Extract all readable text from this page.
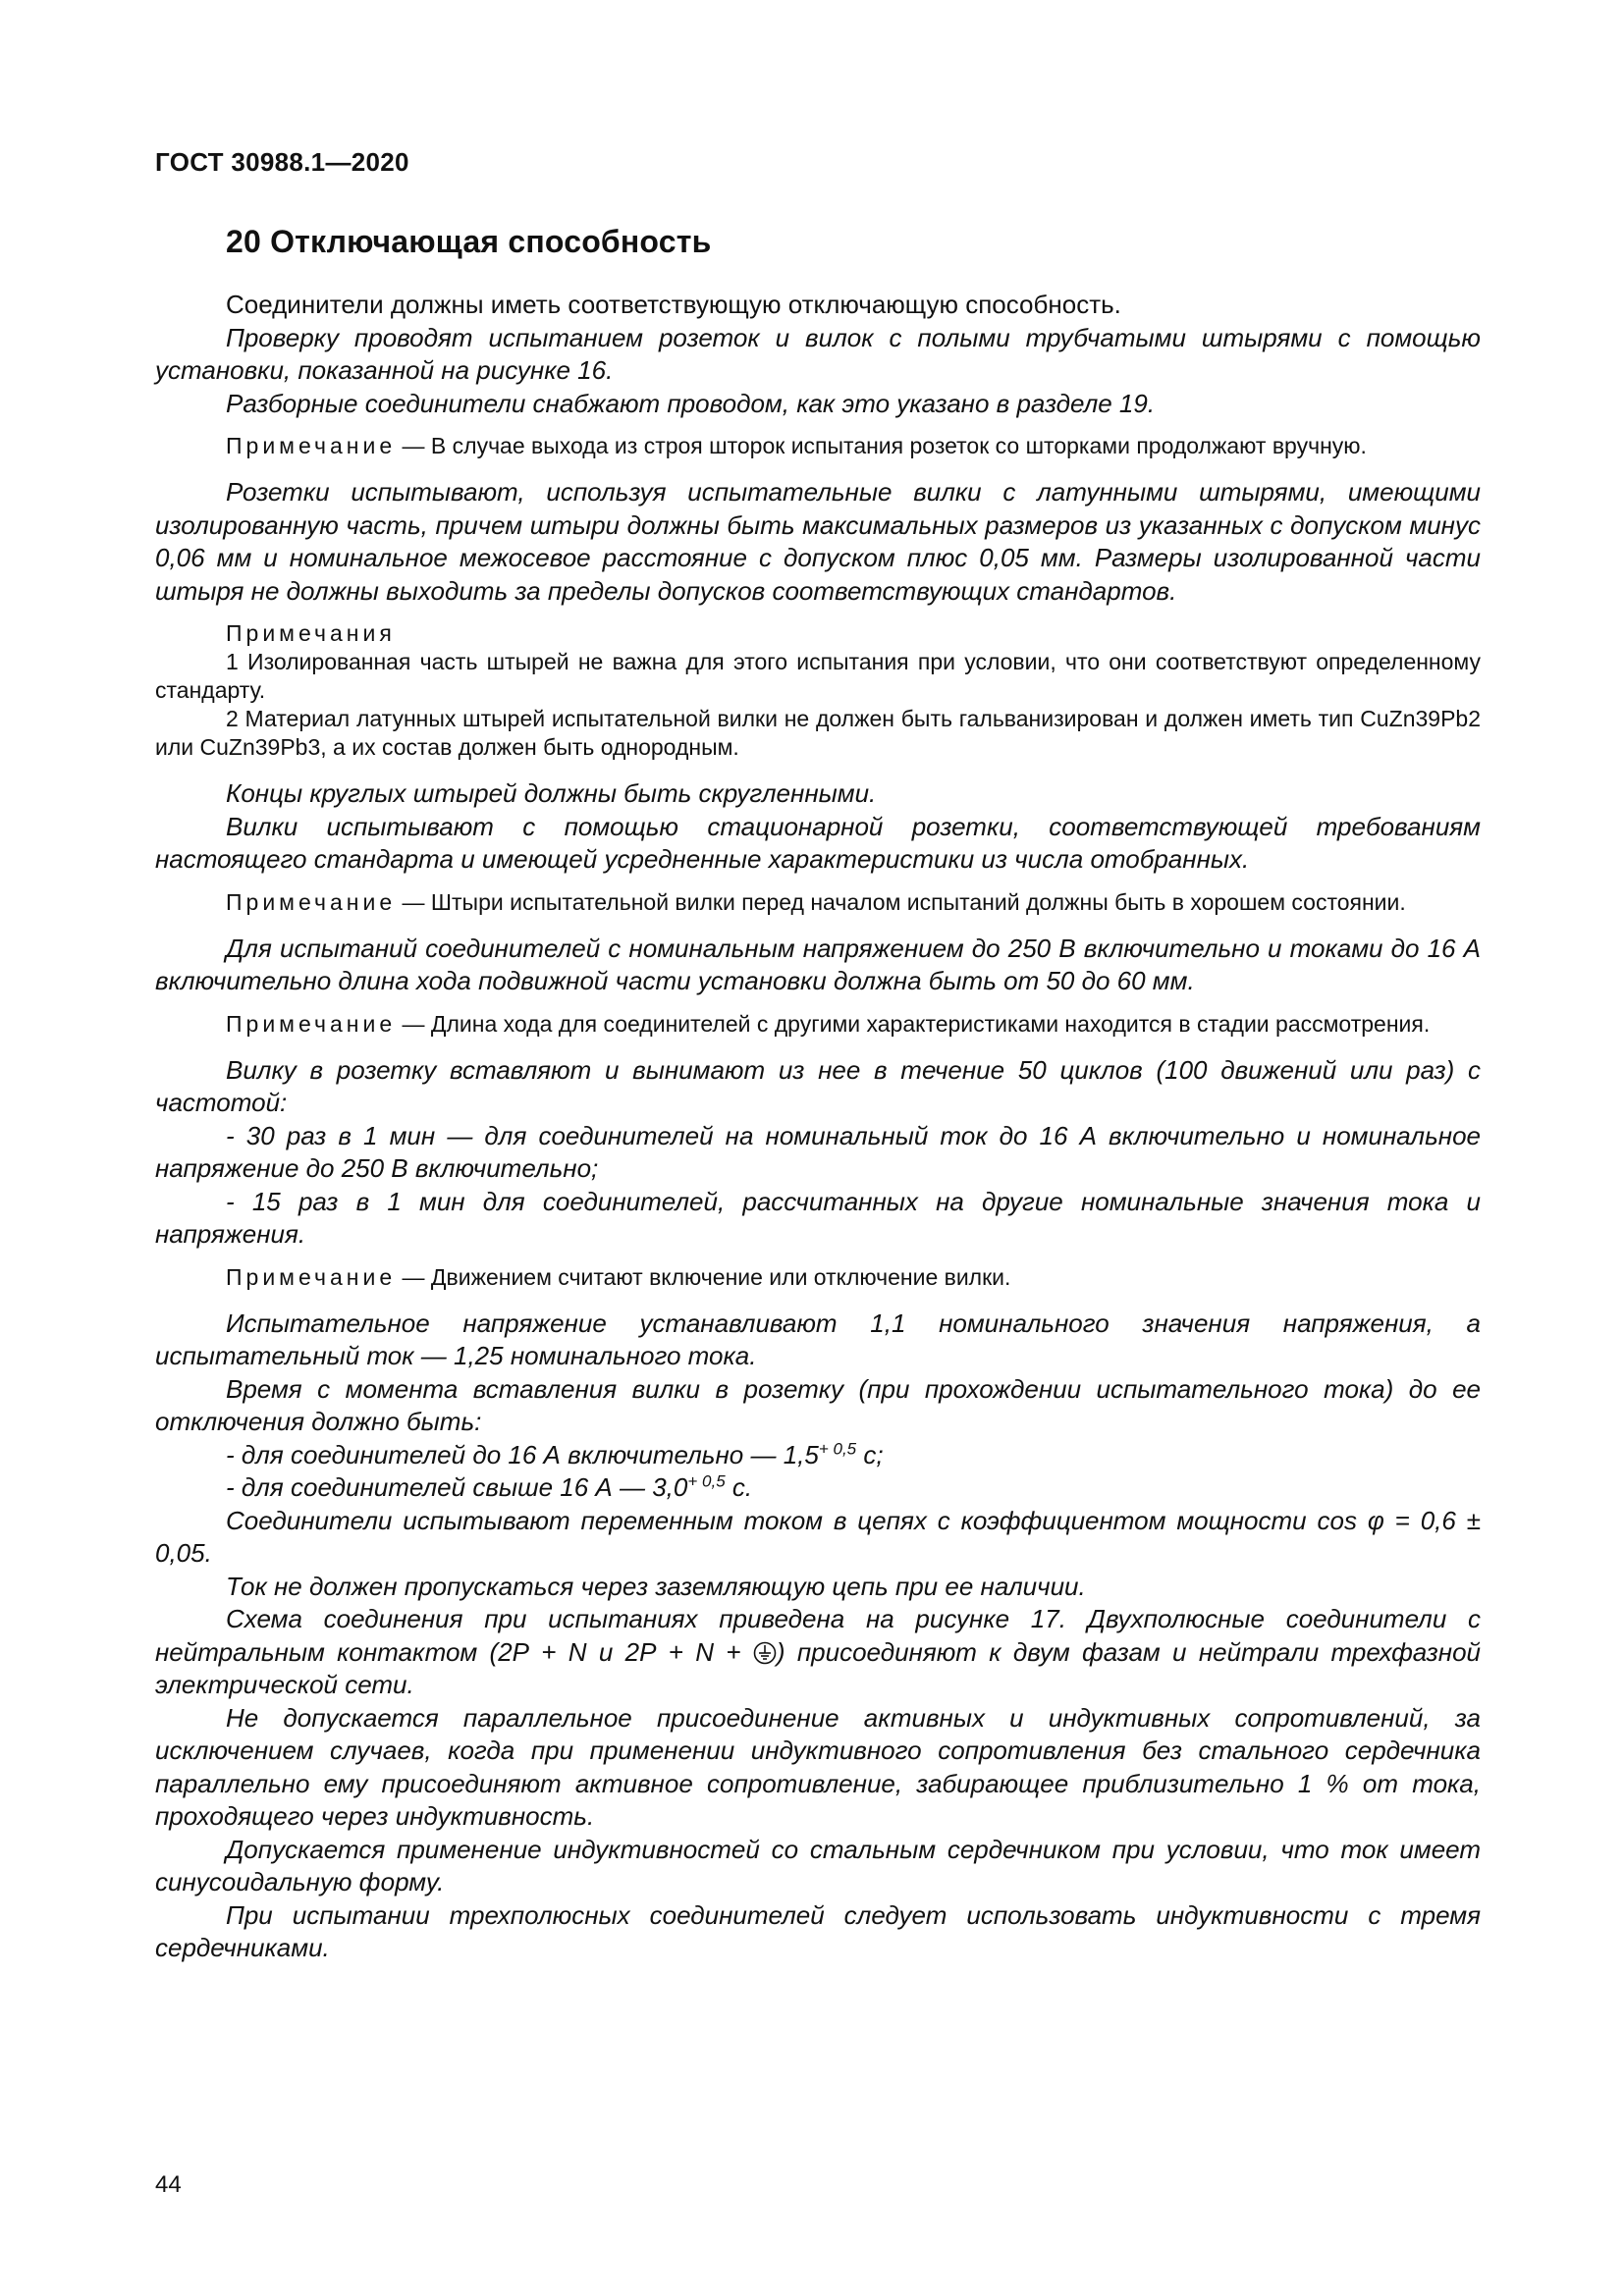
ГОСТ 30988.1—2020
20 Отключающая способность

Соединители должны иметь соответствующую отключающую способность.

Проверку проводят испытанием розеток и вилок с полыми трубчатыми штырями с помощью установки, показанной на рисунке 16.

Разборные соединители снабжают проводом, как это указано в разделе 19.

Примечание — В случае выхода из строя шторок испытания розеток со шторками продолжают вручную.

Розетки испытывают, используя испытательные вилки с латунными штырями, имеющими изолированную часть, причем штыри должны быть максимальных размеров из указанных с допуском минус 0,06 мм и номинальное межосевое расстояние с допуском плюс 0,05 мм. Размеры изолированной части штыря не должны выходить за пределы допусков соответствующих стандартов.

Примечания

1 Изолированная часть штырей не важна для этого испытания при условии, что они соответствуют определенному стандарту.

2 Материал латунных штырей испытательной вилки не должен быть гальванизирован и должен иметь тип CuZn39Pb2 или CuZn39Pb3, а их состав должен быть однородным.

Концы круглых штырей должны быть скругленными.

Вилки испытывают с помощью стационарной розетки, соответствующей требованиям настоящего стандарта и имеющей усредненные характеристики из числа отобранных.

Примечание — Штыри испытательной вилки перед началом испытаний должны быть в хорошем состоянии.

Для испытаний соединителей с номинальным напряжением до 250 В включительно и токами до 16 А включительно длина хода подвижной части установки должна быть от 50 до 60 мм.

Примечание — Длина хода для соединителей с другими характеристиками находится в стадии рассмотрения.

Вилку в розетку вставляют и вынимают из нее в течение 50 циклов (100 движений или раз) с частотой:

- 30 раз в 1 мин — для соединителей на номинальный ток до 16 А включительно и номинальное напряжение до 250 В включительно;

- 15 раз в 1 мин для соединителей, рассчитанных на другие номинальные значения тока и напряжения.

Примечание — Движением считают включение или отключение вилки.

Испытательное напряжение устанавливают 1,1 номинального значения напряжения, а испытательный ток — 1,25 номинального тока.

Время с момента вставления вилки в розетку (при прохождении испытательного тока) до ее отключения должно быть:

- для соединителей до 16 А включительно — $1,5^{+ 0,5}$ с;

- для соединителей свыше 16 А — $3,0^{+ 0,5}$ с.

Соединители испытывают переменным током в цепях с коэффициентом мощности cos φ = 0,6 ± 0,05.

Ток не должен пропускаться через заземляющую цепь при ее наличии.

Схема соединения при испытаниях приведена на рисунке 17. Двухполюсные соединители с нейтральным контактом (2Р + N и 2Р + N + ) присоединяют к двум фазам и нейтрали трехфазной электрической сети.

Не допускается параллельное присоединение активных и индуктивных сопротивлений, за исключением случаев, когда при применении индуктивного сопротивления без стального сердечника параллельно ему присоединяют активное сопротивление, забирающее приблизительно 1 % от тока, проходящего через индуктивность.

Допускается применение индуктивностей со стальным сердечником при условии, что ток имеет синусоидальную форму.

При испытании трехполюсных соединителей следует использовать индуктивности с тремя сердечниками.

44
